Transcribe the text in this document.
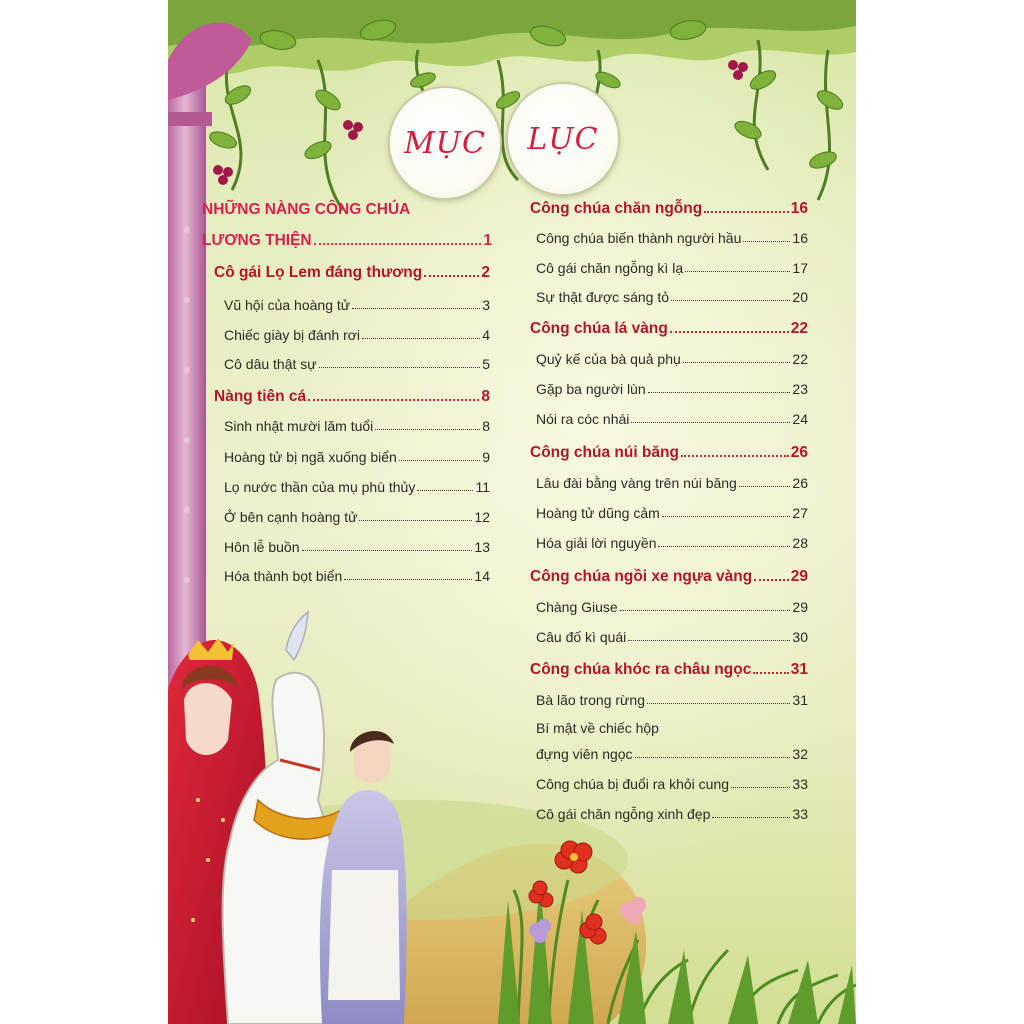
MỤC	LỤC
NHỮNG NÀNG CÔNG CHÚA
LƯƠNG THIỆN	1
Cô gái Lọ Lem đáng thương	2
Vũ hội của hoàng tử	3
Chiếc giày bị đánh rơi	4
Cô dâu thật sự	5
Nàng tiên cá	8
Sinh nhật mười lăm tuổi	8
Hoàng tử bị ngã xuống biển	9
Lọ nước thần của mụ phù thủy	11
Ở bên cạnh hoàng tử	12
Hôn lễ buồn	13
Hóa thành bọt biển	14
Công chúa chăn ngỗng	16
Công chúa biến thành người hầu	16
Cô gái chăn ngỗng kì lạ	17
Sự thật được sáng tỏ	20
Công chúa lá vàng	22
Quỷ kế của bà quả phụ	22
Gặp ba người lùn	23
Nói ra cóc nhái	24
Công chúa núi băng	26
Lâu đài bằng vàng trên núi băng	26
Hoàng tử dũng cảm	27
Hóa giải lời nguyền	28
Công chúa ngồi xe ngựa vàng 29
Chàng Giuse	29
Câu đố kì quái	30
Công chúa khóc ra châu ngọc	31
Bà lão trong rừng	31
Bí mật về chiếc hộp
đựng viên ngọc	32
Công chúa bị đuổi ra khỏi cung	33
Cô gái chăn ngỗng xinh đẹp	33
